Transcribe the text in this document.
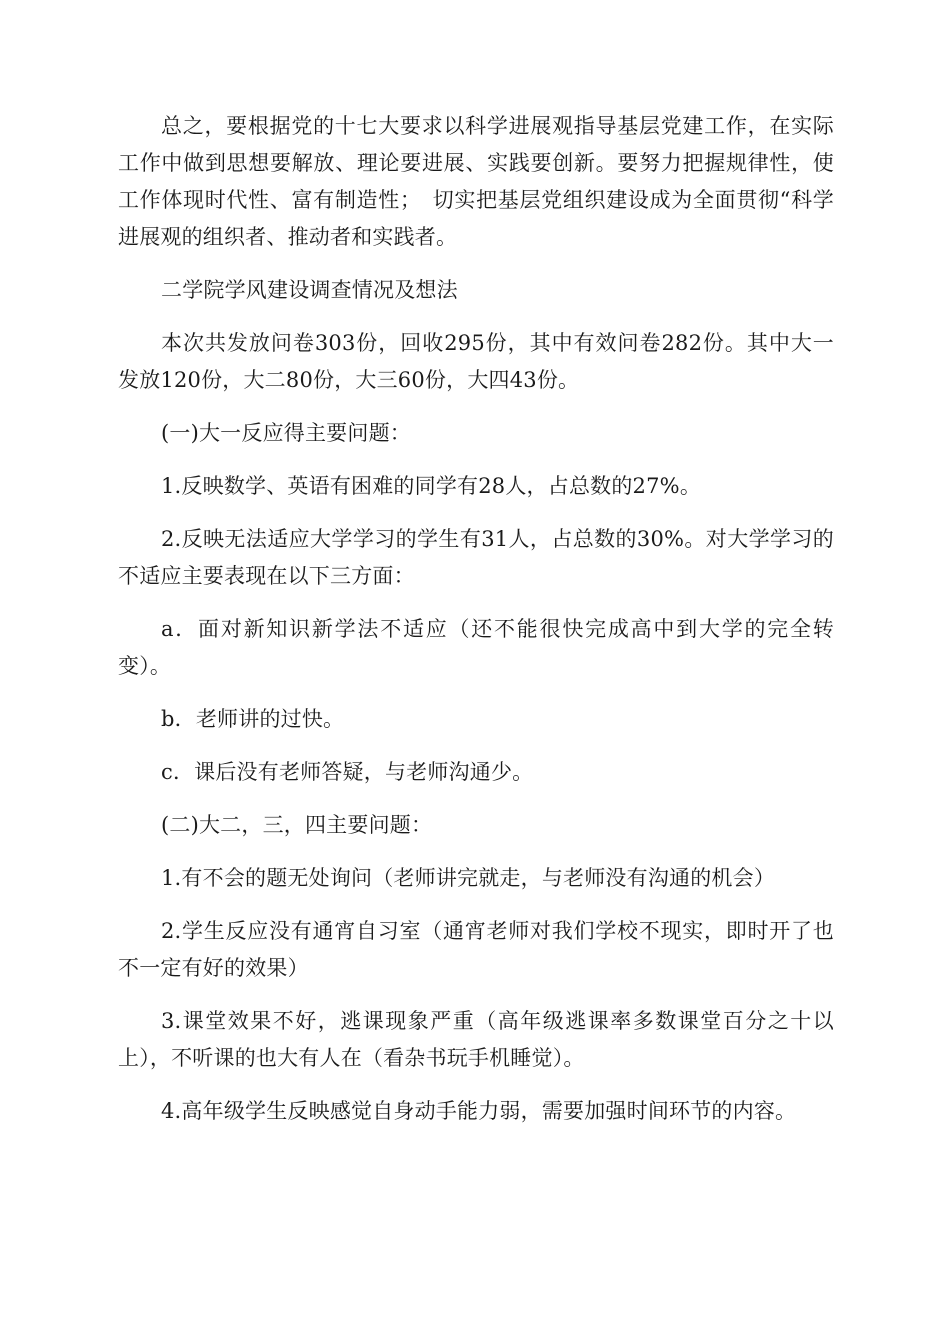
总之，要根据党的十七大要求以科学进展观指导基层党建工作，在实际工作中做到思想要解放、理论要进展、实践要创新。要努力把握规律性，使工作体现时代性、富有制造性；　切实把基层党组织建设成为全面贯彻“科学进展观的组织者、推动者和实践者。

二学院学风建设调查情况及想法

本次共发放问卷303份，回收295份，其中有效问卷282份。其中大一发放120份，大二80份，大三60份，大四43份。

(一)大一反应得主要问题：

1.反映数学、英语有困难的同学有28人，占总数的27%。

2.反映无法适应大学学习的学生有31人，占总数的30%。对大学学习的不适应主要表现在以下三方面：

a．面对新知识新学法不适应（还不能很快完成高中到大学的完全转变）。

b．老师讲的过快。

c．课后没有老师答疑，与老师沟通少。

(二)大二，三，四主要问题：

1.有不会的题无处询问（老师讲完就走，与老师没有沟通的机会）

2.学生反应没有通宵自习室（通宵老师对我们学校不现实，即时开了也不一定有好的效果）

3.课堂效果不好，逃课现象严重（高年级逃课率多数课堂百分之十以上），不听课的也大有人在（看杂书玩手机睡觉）。

4.高年级学生反映感觉自身动手能力弱，需要加强时间环节的内容。
